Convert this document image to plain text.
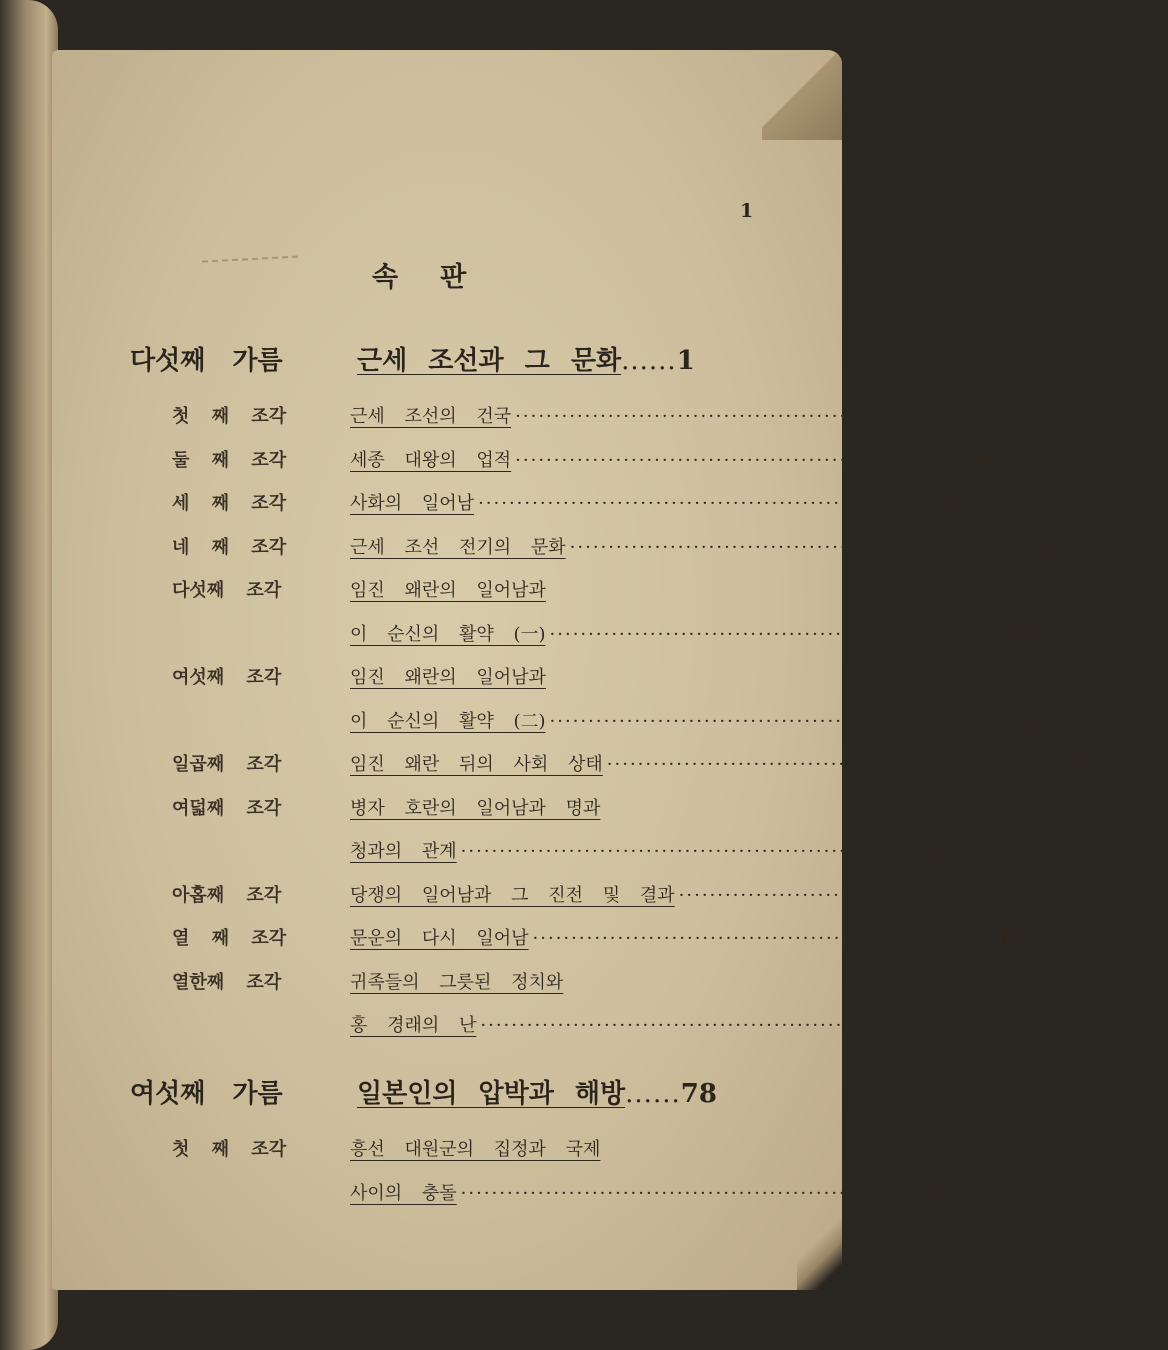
1
속판
다섯째 가름	근세 조선과 그 문화......1
첫 째 조각	근세 조선의 건국 ···························································· 1
둘 째 조각	세종 대왕의 업적 ···························································· 6
세 째 조각	사화의 일어남 ···························································· 16
네 째 조각	근세 조선 전기의 문화 ···························································· 23
다섯째 조각	임진 왜란의 일어남과
이 순신의 활약 (一) ···························································· 35
여섯째 조각	임진 왜란의 일어남과
이 순신의 활약 (二) ···························································· 44
일곱째 조각	임진 왜란 뒤의 사회 상태 ···························································· 51
여덟째 조각	병자 호란의 일어남과 명과
청과의 관계 ···························································· 58
아홉째 조각	당쟁의 일어남과 그 진전 및 결과 ···························································· 65
열 째 조각	문운의 다시 일어남 ···························································· 67
열한째 조각	귀족들의 그릇된 정치와
홍 경래의 난 ···························································· 73
여섯째 가름	일본인의 압박과 해방......78
첫 째 조각	흥선 대원군의 집정과 국제
사이의 충돌 ···························································· 78
